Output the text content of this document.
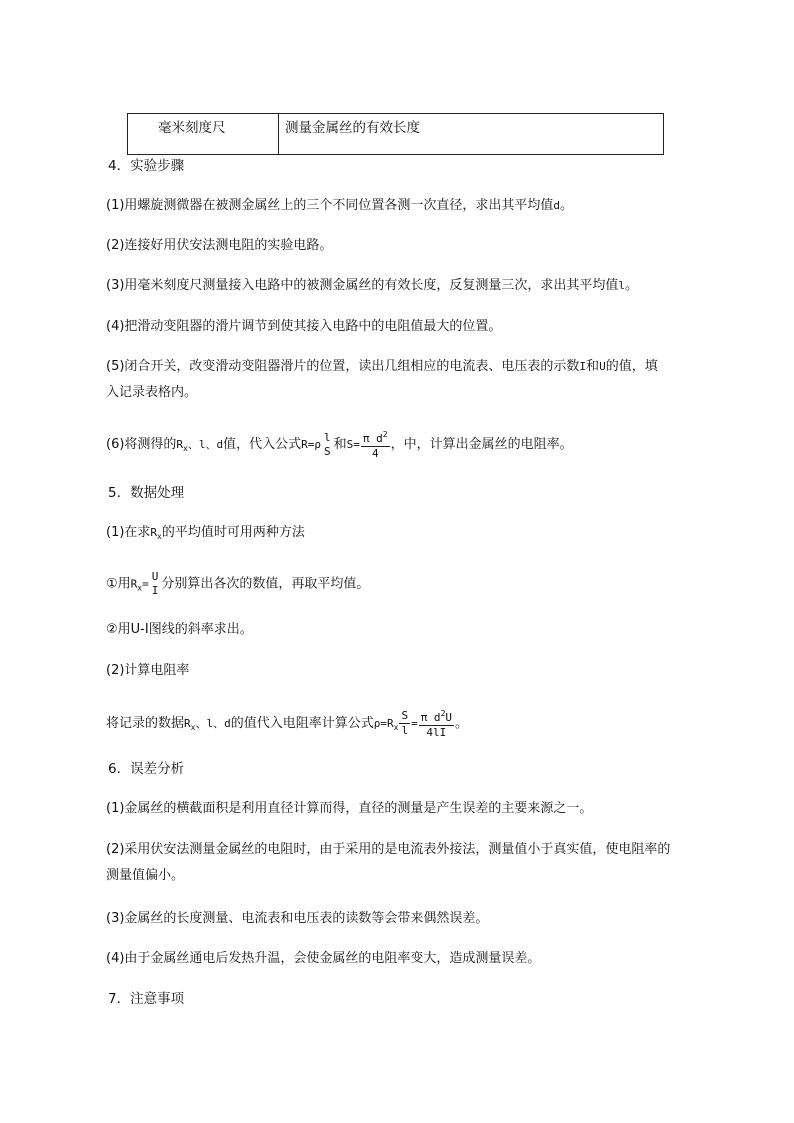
毫米刻度尺	测量金属丝的有效长度
4．实验步骤
(1)用螺旋测微器在被测金属丝上的三个不同位置各测一次直径，求出其平均值d。
(2)连接好用伏安法测电阻的实验电路。
(3)用毫米刻度尺测量接入电路中的被测金属丝的有效长度，反复测量三次，求出其平均值l。
(4)把滑动变阻器的滑片调节到使其接入电路中的电阻值最大的位置。
(5)闭合开关，改变滑动变阻器滑片的位置，读出几组相应的电流表、电压表的示数I和U的值，填
入记录表格内。
(6)将测得的$R_x$、l、d值，代入公式R=ρ
l
S 和$S= \frac{\pi d^2}{4}$ ，中，计算出金属丝的电阻率。
5．数据处理
(1)在求$R_x$的平均值时可用两种方法
①用$R_x=$
U
I 分别算出各次的数值，再取平均值。
②用U-I图线的斜率求出。
(2)计算电阻率
将记录的数据$R_x$、l、d的值代入电阻率计算公式$\rho=R_x \frac{S}{l} = \frac{\pi d^2U}{4lI}$ 。
6．误差分析
(1)金属丝的横截面积是利用直径计算而得，直径的测量是产生误差的主要来源之一。
(2)采用伏安法测量金属丝的电阻时，由于采用的是电流表外接法，测量值小于真实值，使电阻率的
测量值偏小。
(3)金属丝的长度测量、电流表和电压表的读数等会带来偶然误差。
(4)由于金属丝通电后发热升温，会使金属丝的电阻率变大，造成测量误差。
7．注意事项
